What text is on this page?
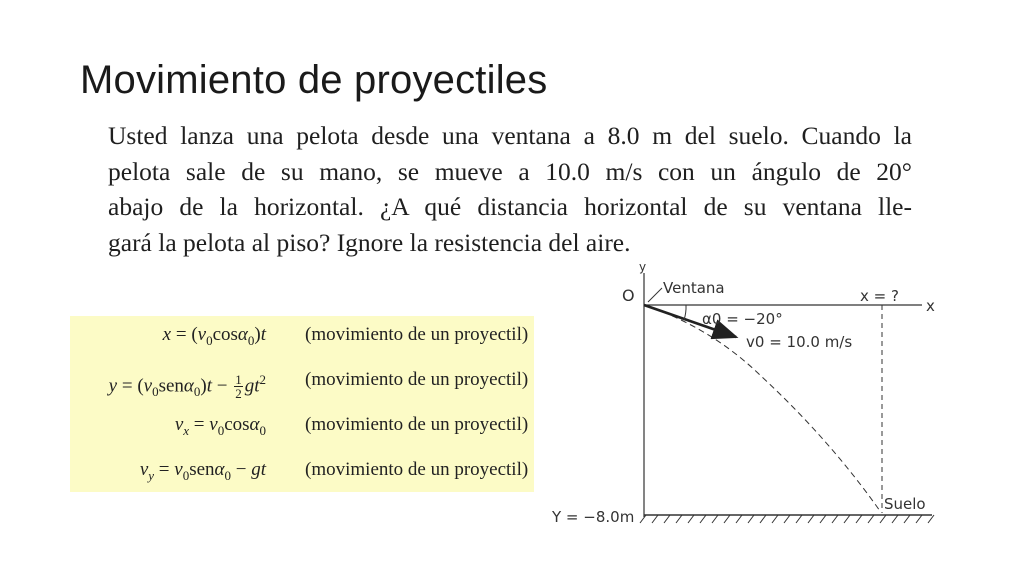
Movimiento de proyectiles
Usted lanza una pelota desde una ventana a 8.0 m del suelo. Cuando la
pelota sale de su mano, se mueve a 10.0 m/s con un ángulo de 20°
abajo de la horizontal. ¿A qué distancia horizontal de su ventana lle-
gará la pelota al piso? Ignore la resistencia del aire.
$x = (v_0\cos\alpha_0)t$ (movimiento de un proyectil)
$y = (v_0sen\alpha_0)t - \frac{1}{2} gt^2$ (movimiento de un proyectil)
$v_x = v_0\cos\alpha_0$ (movimiento de un proyectil)
$v_y = v_0sen\alpha_0$ − gt (movimiento de un proyectil)
y
x
O Ventana	x = ?
α0 = −20°
v0 = 10.0 m/s
Suelo
Y = −8.0m
